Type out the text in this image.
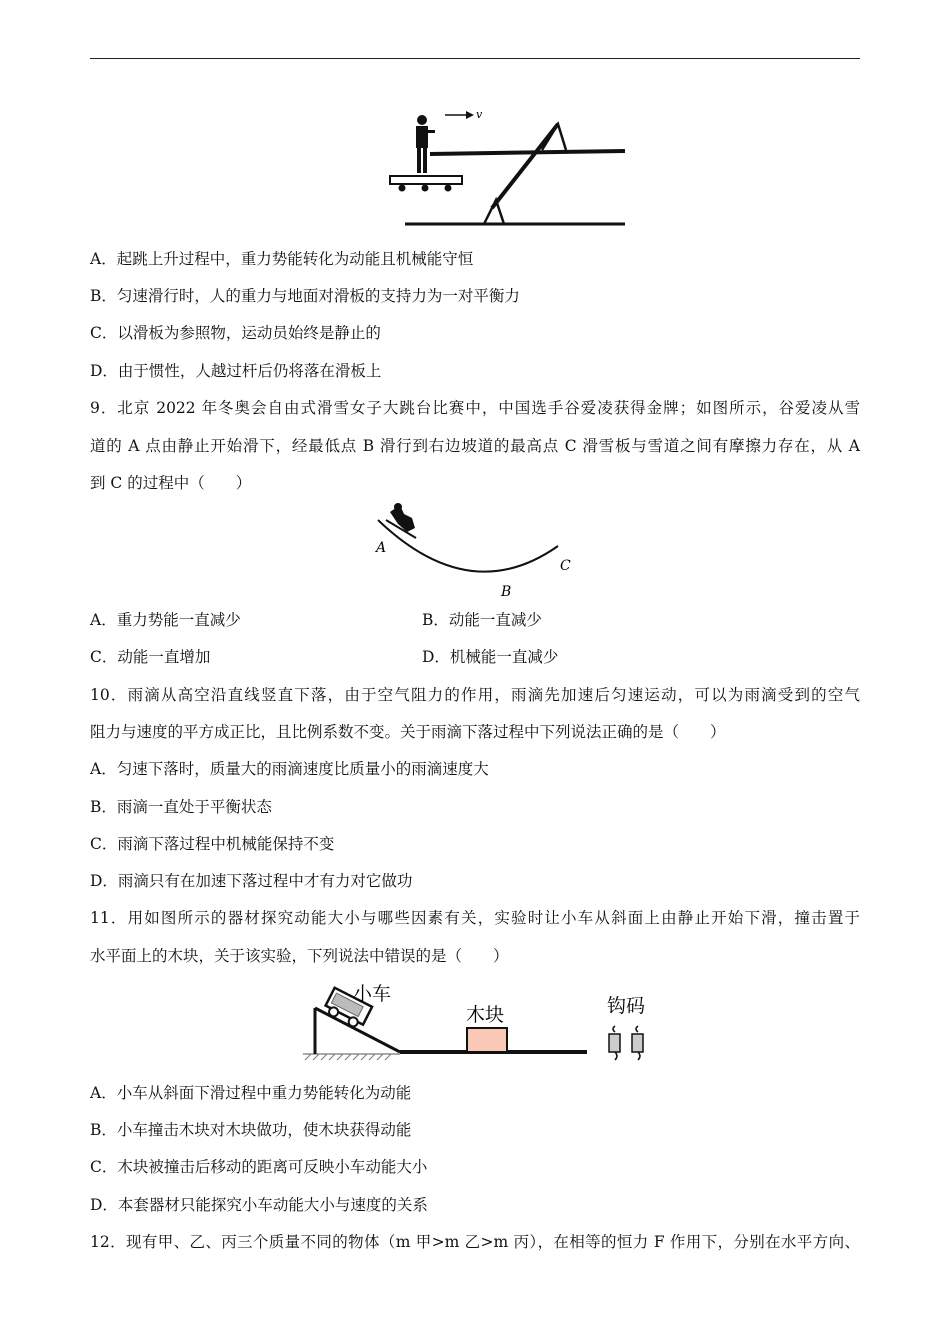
v
A．起跳上升过程中，重力势能转化为动能且机械能守恒
B．匀速滑行时，人的重力与地面对滑板的支持力为一对平衡力
C．以滑板为参照物，运动员始终是静止的
D．由于惯性，人越过杆后仍将落在滑板上
9．北京 2022 年冬奥会自由式滑雪女子大跳台比赛中，中国选手谷爱凌获得金牌；如图所示，谷爱凌从雪
道的 A 点由静止开始滑下，经最低点 B 滑行到右边坡道的最高点 C 滑雪板与雪道之间有摩擦力存在，从 A
到 C 的过程中（　　）
A
B
C
A．重力势能一直减少	B．动能一直减少
C．动能一直增加	D．机械能一直减少
10．雨滴从高空沿直线竖直下落，由于空气阻力的作用，雨滴先加速后匀速运动，可以为雨滴受到的空气
阻力与速度的平方成正比，且比例系数不变。关于雨滴下落过程中下列说法正确的是（　　）
A．匀速下落时，质量大的雨滴速度比质量小的雨滴速度大
B．雨滴一直处于平衡状态
C．雨滴下落过程中机械能保持不变
D．雨滴只有在加速下落过程中才有力对它做功
11．用如图所示的器材探究动能大小与哪些因素有关，实验时让小车从斜面上由静止开始下滑，撞击置于
水平面上的木块，关于该实验，下列说法中错误的是（　　）
小车
木块	钩码
A．小车从斜面下滑过程中重力势能转化为动能
B．小车撞击木块对木块做功，使木块获得动能
C．木块被撞击后移动的距离可反映小车动能大小
D．本套器材只能探究小车动能大小与速度的关系
12．现有甲、乙、丙三个质量不同的物体（m 甲>m 乙>m 丙），在相等的恒力 F 作用下，分别在水平方向、
